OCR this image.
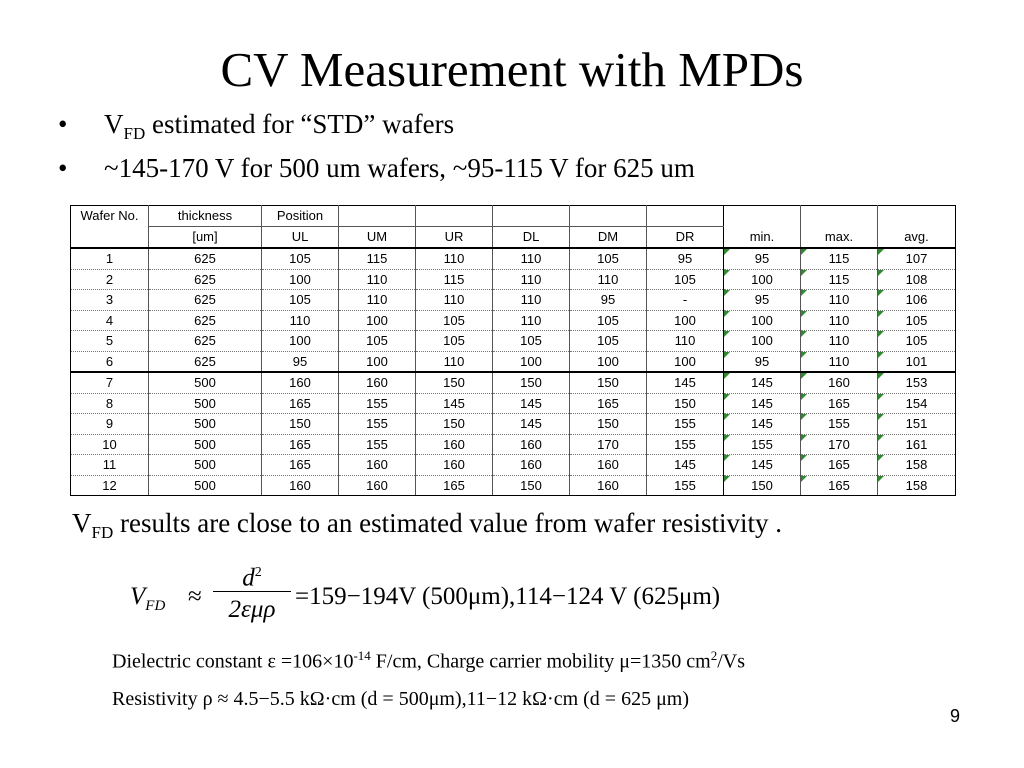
CV Measurement with MPDs
• $V_{FD}$ estimated for “STD” wafers
• ~145-170 V for 500 um wafers, ~95-115 V for 625 um
Wafer No.	thickness	Position								
	[um]	UL	UM	UR	DL	DM	DR	min.	max.	avg.
1	625	105	115	110	110	105	95	95	115	107
2	625	100	110	115	110	110	105	100	115	108
3	625	105	110	110	110	95	-	95	110	106
4	625	110	100	105	110	105	100	100	110	105
5	625	100	105	105	105	105	110	100	110	105
6	625	95	100	110	100	100	100	95	110	101
7	500	160	160	150	150	150	145	145	160	153
8	500	165	155	145	145	165	150	145	165	154
9	500	150	155	150	145	150	155	145	155	151
10	500	165	155	160	160	170	155	155	170	161
11	500	165	160	160	160	160	145	145	165	158
12	500	160	160	165	150	160	155	150	165	158
$V_{FD}$ results are close to an estimated value from wafer resistivity .
$V_{FD}$ ≈
$d^2$
2εμρ =159−194V (500μm),114−124 V (625μm)
Dielectric constant $\varepsilon =106\times 10^{-14}$ F/cm, Charge carrier mobility μ=1350 $cm^2/Vs$
Resistivity ρ ≈ 4.5−5.5 kΩ·cm (d = 500μm),11−12 kΩ·cm (d = 625 μm)
9
